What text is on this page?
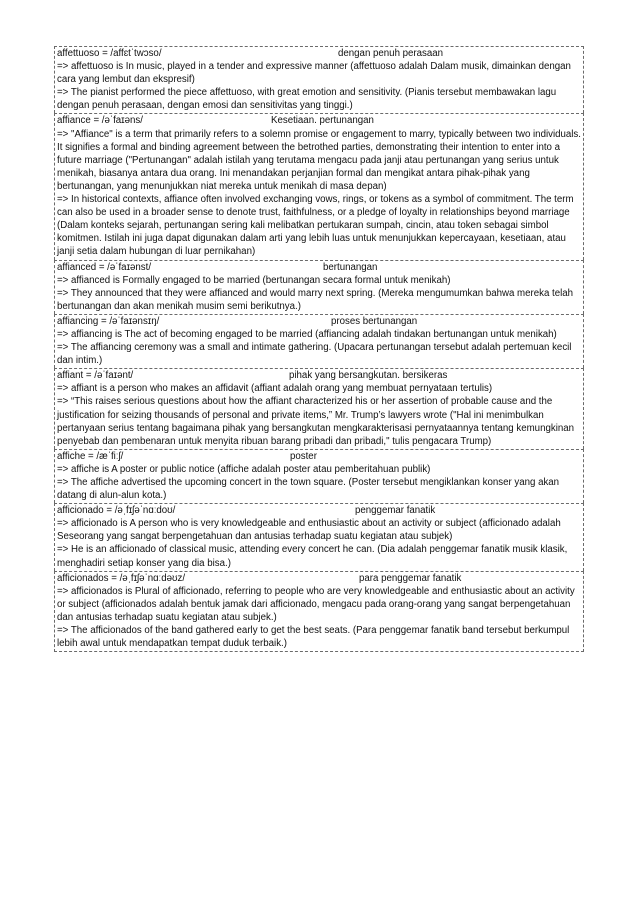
affettuoso = /affɛtˈtwɔso/	dengan penuh perasaan
=> affettuoso is In music, played in a tender and expressive manner (affettuoso adalah Dalam musik, dimainkan dengan cara yang lembut dan ekspresif)
=> The pianist performed the piece affettuoso, with great emotion and sensitivity. (Pianis tersebut membawakan lagu dengan penuh perasaan, dengan emosi dan sensitivitas yang tinggi.)
affiance = /əˈfaɪəns/	Kesetiaan. pertunangan
=> "Affiance" is a term that primarily refers to a solemn promise or engagement to marry, typically between two individuals. It signifies a formal and binding agreement between the betrothed parties, demonstrating their intention to enter into a future marriage ("Pertunangan" adalah istilah yang terutama mengacu pada janji atau pertunangan yang serius untuk menikah, biasanya antara dua orang. Ini menandakan perjanjian formal dan mengikat antara pihak-pihak yang bertunangan, yang menunjukkan niat mereka untuk menikah di masa depan)
=> In historical contexts, affiance often involved exchanging vows, rings, or tokens as a symbol of commitment. The term can also be used in a broader sense to denote trust, faithfulness, or a pledge of loyalty in relationships beyond marriage (Dalam konteks sejarah, pertunangan sering kali melibatkan pertukaran sumpah, cincin, atau token sebagai simbol komitmen. Istilah ini juga dapat digunakan dalam arti yang lebih luas untuk menunjukkan kepercayaan, kesetiaan, atau janji setia dalam hubungan di luar pernikahan)
affianced = /əˈfaɪənst/	bertunangan
=> affianced is Formally engaged to be married (bertunangan secara formal untuk menikah)
=> They announced that they were affianced and would marry next spring. (Mereka mengumumkan bahwa mereka telah bertunangan dan akan menikah musim semi berikutnya.)
affiancing = /əˈfaɪənsɪŋ/	proses bertunangan
=> affiancing is The act of becoming engaged to be married (affiancing adalah tindakan bertunangan untuk menikah)
=> The affiancing ceremony was a small and intimate gathering. (Upacara pertunangan tersebut adalah pertemuan kecil dan intim.)
affiant = /əˈfaɪənt/	pihak yang bersangkutan. bersikeras
=> affiant is a person who makes an affidavit (affiant adalah orang yang membuat pernyataan tertulis)
=> “This raises serious questions about how the affiant characterized his or her assertion of probable cause and the justification for seizing thousands of personal and private items,” Mr. Trump’s lawyers wrote ("Hal ini menimbulkan pertanyaan serius tentang bagaimana pihak yang bersangkutan mengkarakterisasi pernyataannya tentang kemungkinan penyebab dan pembenaran untuk menyita ribuan barang pribadi dan pribadi," tulis pengacara Trump)
affiche = /æˈfiːʃ/	poster
=> affiche is A poster or public notice (affiche adalah poster atau pemberitahuan publik)
=> The affiche advertised the upcoming concert in the town square. (Poster tersebut mengiklankan konser yang akan datang di alun-alun kota.)
afficionado = /əˌfɪʃəˈnɑːdoʊ/	penggemar fanatik
=> afficionado is A person who is very knowledgeable and enthusiastic about an activity or subject (afficionado adalah Seseorang yang sangat berpengetahuan dan antusias terhadap suatu kegiatan atau subjek)
=> He is an afficionado of classical music, attending every concert he can. (Dia adalah penggemar fanatik musik klasik, menghadiri setiap konser yang dia bisa.)
afficionados = /əˌfɪʃəˈnɑːdəʊz/	para penggemar fanatik
=> afficionados is Plural of afficionado, referring to people who are very knowledgeable and enthusiastic about an activity or subject (afficionados adalah bentuk jamak dari afficionado, mengacu pada orang-orang yang sangat berpengetahuan dan antusias terhadap suatu kegiatan atau subjek.)
=> The afficionados of the band gathered early to get the best seats. (Para penggemar fanatik band tersebut berkumpul lebih awal untuk mendapatkan tempat duduk terbaik.)
